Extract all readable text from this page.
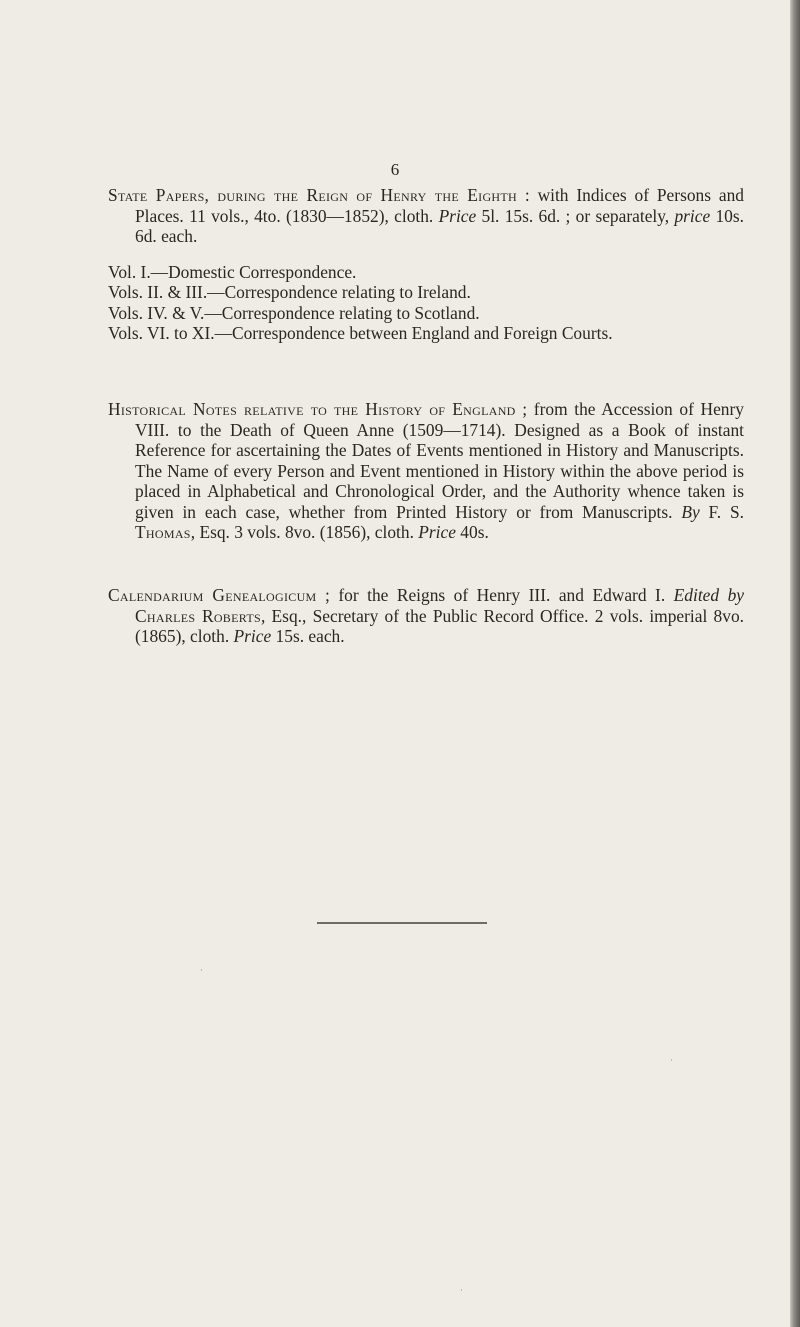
6

State Papers, during the Reign of Henry the Eighth : with Indices of Persons and Places. 11 vols., 4to. (1830—1852), cloth. Price 5l. 15s. 6d. ; or separately, price 10s. 6d. each.

Vol. I.—Domestic Correspondence.

Vols. II. & III.—Correspondence relating to Ireland.

Vols. IV. & V.—Correspondence relating to Scotland.

Vols. VI. to XI.—Correspondence between England and Foreign Courts.

Historical Notes relative to the History of England ; from the Accession of Henry VIII. to the Death of Queen Anne (1509—1714). Designed as a Book of instant Reference for ascertaining the Dates of Events mentioned in History and Manuscripts. The Name of every Person and Event mentioned in History within the above period is placed in Alphabetical and Chronological Order, and the Authority whence taken is given in each case, whether from Printed History or from Manuscripts. By F. S. Thomas, Esq. 3 vols. 8vo. (1856), cloth. Price 40s.

Calendarium Genealogicum ; for the Reigns of Henry III. and Edward I. Edited by Charles Roberts, Esq., Secretary of the Public Record Office. 2 vols. imperial 8vo. (1865), cloth. Price 15s. each.

·
·
·
